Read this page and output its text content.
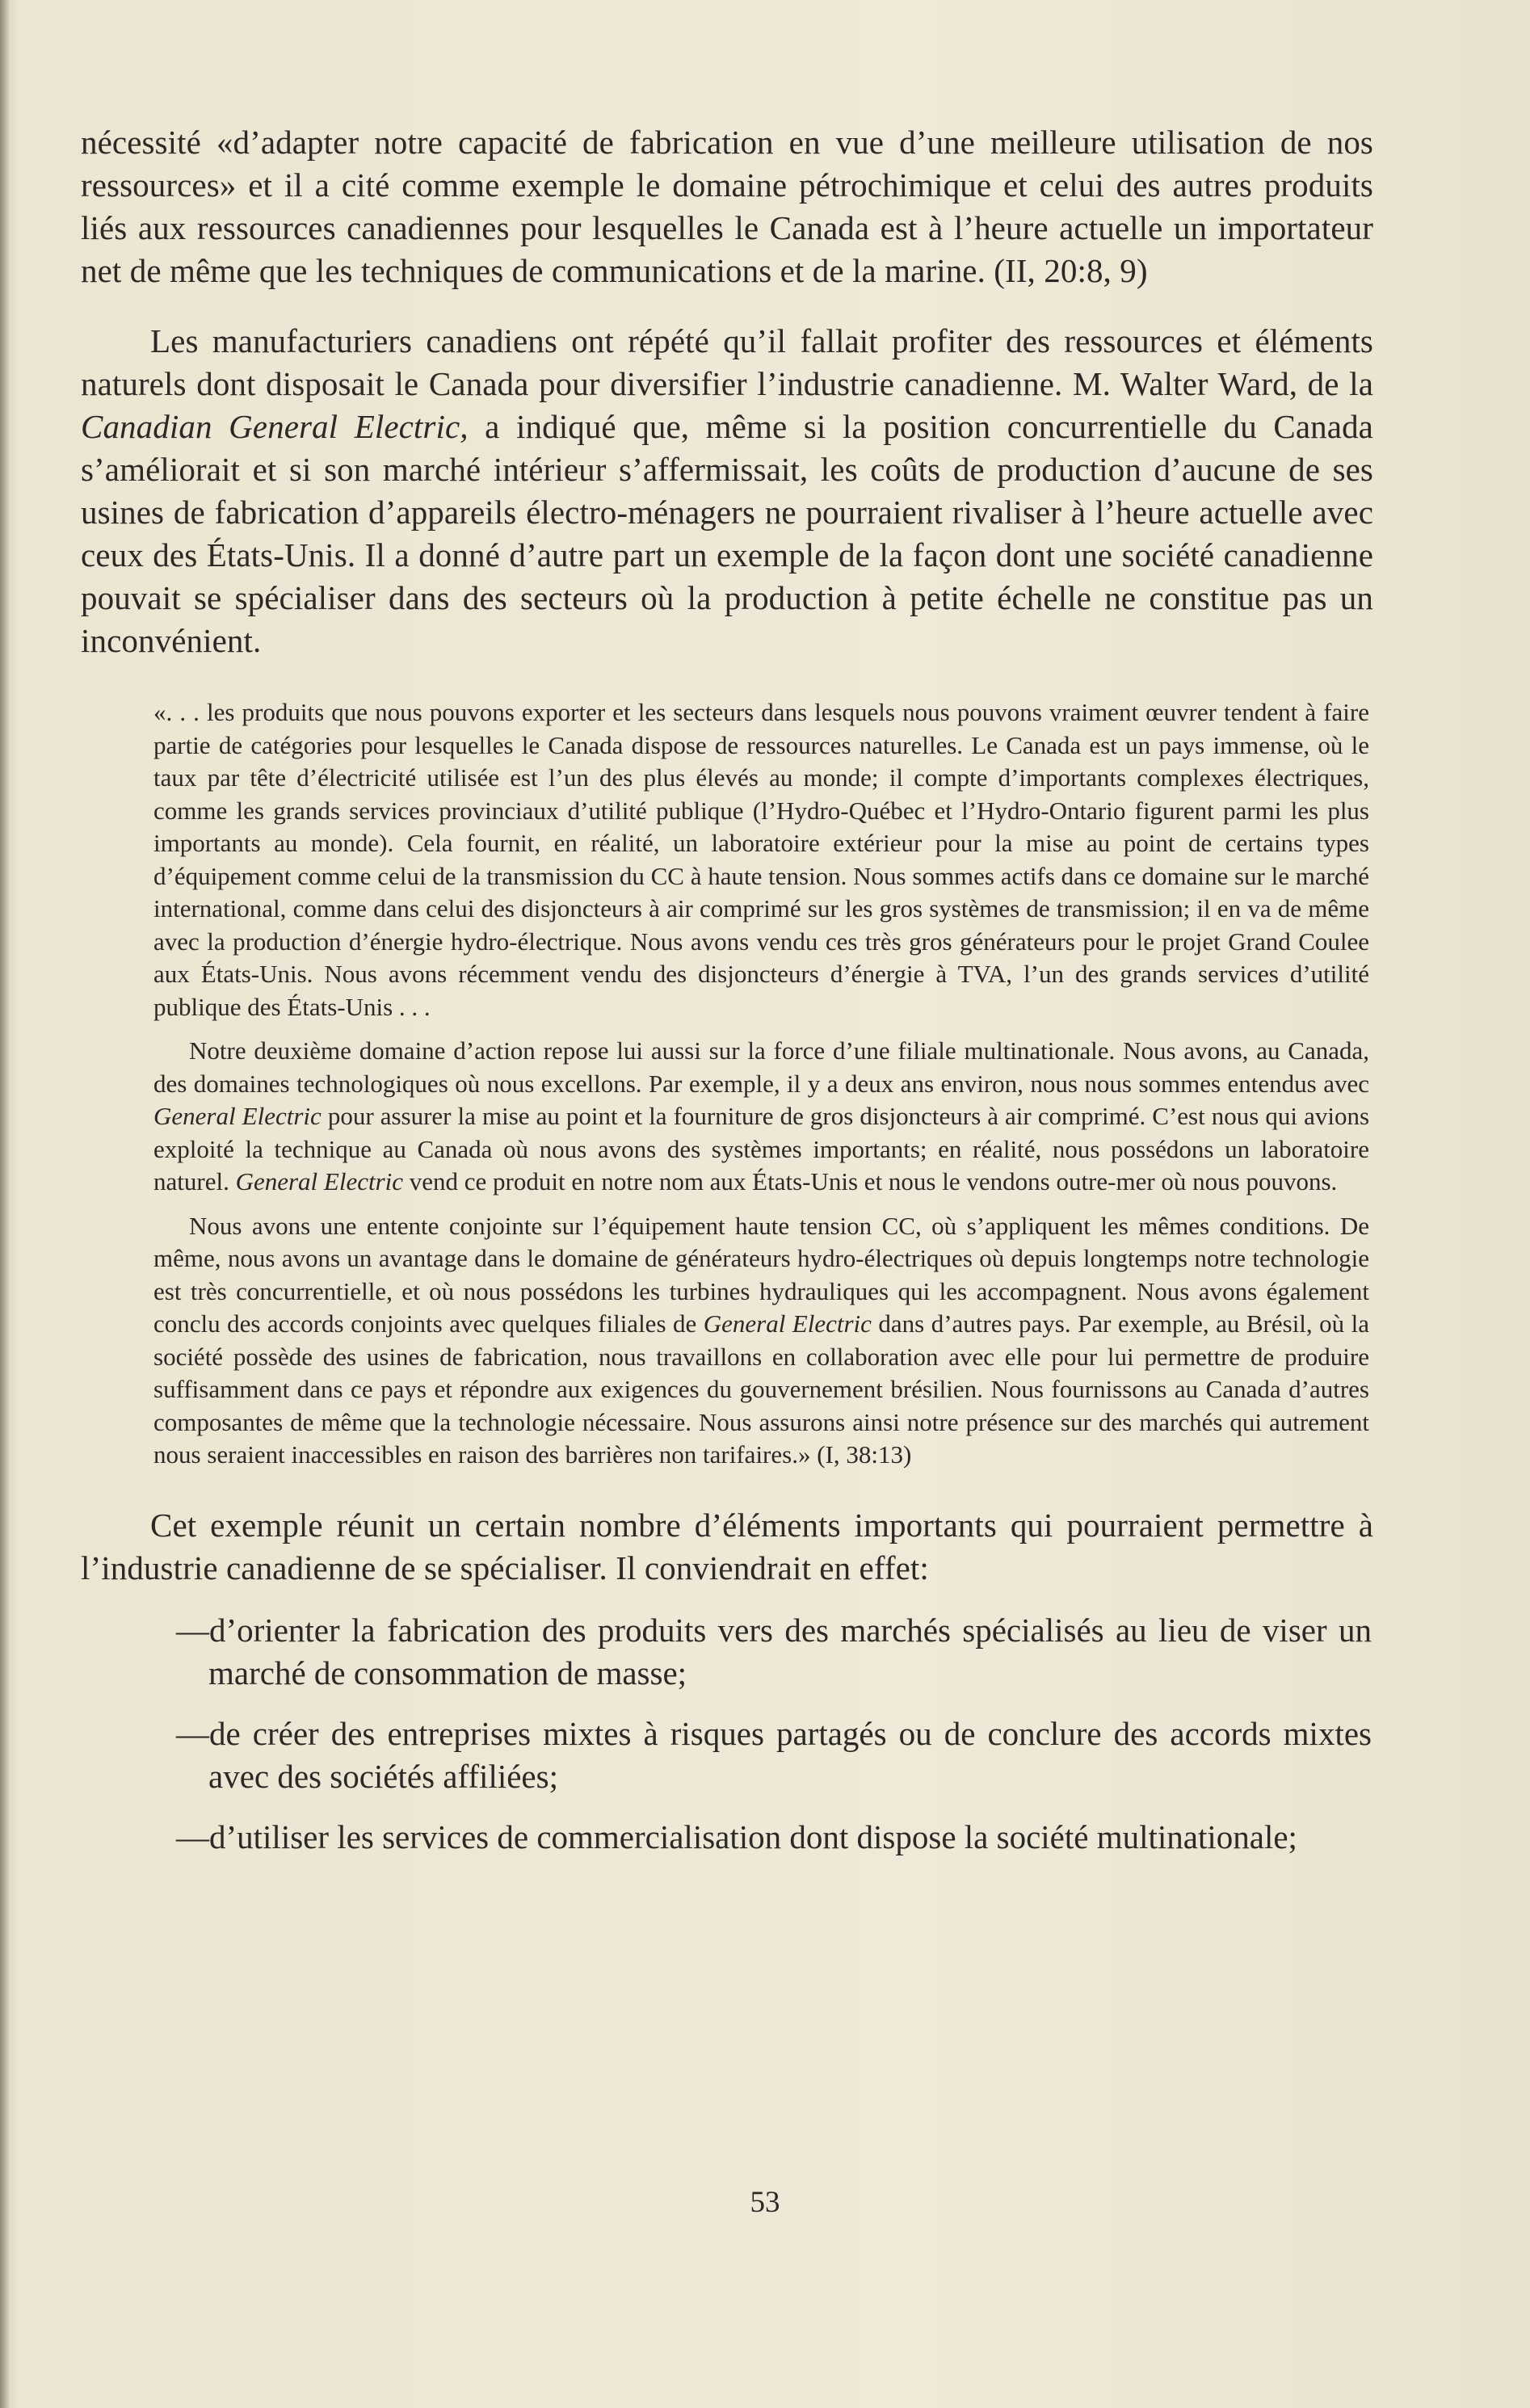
nécessité «d’adapter notre capacité de fabrication en vue d’une meilleure utilisation de nos ressources» et il a cité comme exemple le domaine pétrochimique et celui des autres produits liés aux ressources canadiennes pour lesquelles le Canada est à l’heure actuelle un importateur net de même que les techniques de communications et de la marine. (II, 20:8, 9)

Les manufacturiers canadiens ont répété qu’il fallait profiter des ressources et éléments naturels dont disposait le Canada pour diversifier l’industrie canadienne. M. Walter Ward, de la Canadian General Electric, a indiqué que, même si la position concurrentielle du Canada s’améliorait et si son marché intérieur s’affermissait, les coûts de production d’aucune de ses usines de fabrication d’appareils électro-ménagers ne pourraient rivaliser à l’heure actuelle avec ceux des États-Unis. Il a donné d’autre part un exemple de la façon dont une société canadienne pouvait se spécialiser dans des secteurs où la production à petite échelle ne constitue pas un inconvénient.

«. . . les produits que nous pouvons exporter et les secteurs dans lesquels nous pouvons vraiment œuvrer tendent à faire partie de catégories pour lesquelles le Canada dispose de ressources naturelles. Le Canada est un pays immense, où le taux par tête d’électricité utilisée est l’un des plus élevés au monde; il compte d’importants complexes électriques, comme les grands services provinciaux d’utilité publique (l’Hydro-Québec et l’Hydro-Ontario figurent parmi les plus importants au monde). Cela fournit, en réalité, un laboratoire extérieur pour la mise au point de certains types d’équipement comme celui de la transmission du CC à haute tension. Nous sommes actifs dans ce domaine sur le marché international, comme dans celui des disjoncteurs à air comprimé sur les gros systèmes de transmission; il en va de même avec la production d’énergie hydro-électrique. Nous avons vendu ces très gros générateurs pour le projet Grand Coulee aux États-Unis. Nous avons récemment vendu des disjoncteurs d’énergie à TVA, l’un des grands services d’utilité publique des États-Unis . . .

Notre deuxième domaine d’action repose lui aussi sur la force d’une filiale multinationale. Nous avons, au Canada, des domaines technologiques où nous excellons. Par exemple, il y a deux ans environ, nous nous sommes entendus avec General Electric pour assurer la mise au point et la fourniture de gros disjoncteurs à air comprimé. C’est nous qui avions exploité la technique au Canada où nous avons des systèmes importants; en réalité, nous possédons un laboratoire naturel. General Electric vend ce produit en notre nom aux États-Unis et nous le vendons outre-mer où nous pouvons.

Nous avons une entente conjointe sur l’équipement haute tension CC, où s’appliquent les mêmes conditions. De même, nous avons un avantage dans le domaine de générateurs hydro-électriques où depuis longtemps notre technologie est très concurrentielle, et où nous possédons les turbines hydrauliques qui les accompagnent. Nous avons également conclu des accords conjoints avec quelques filiales de General Electric dans d’autres pays. Par exemple, au Brésil, où la société possède des usines de fabrication, nous travaillons en collaboration avec elle pour lui permettre de produire suffisamment dans ce pays et répondre aux exigences du gouvernement brésilien. Nous fournissons au Canada d’autres composantes de même que la technologie nécessaire. Nous assurons ainsi notre présence sur des marchés qui autrement nous seraient inaccessibles en raison des barrières non tarifaires.» (I, 38:13)

Cet exemple réunit un certain nombre d’éléments importants qui pourraient permettre à l’industrie canadienne de se spécialiser. Il conviendrait en effet:

—d’orienter la fabrication des produits vers des marchés spécialisés au lieu de viser un marché de consommation de masse;
—de créer des entreprises mixtes à risques partagés ou de conclure des accords mixtes avec des sociétés affiliées;
—d’utiliser les services de commercialisation dont dispose la société multinationale;
53
